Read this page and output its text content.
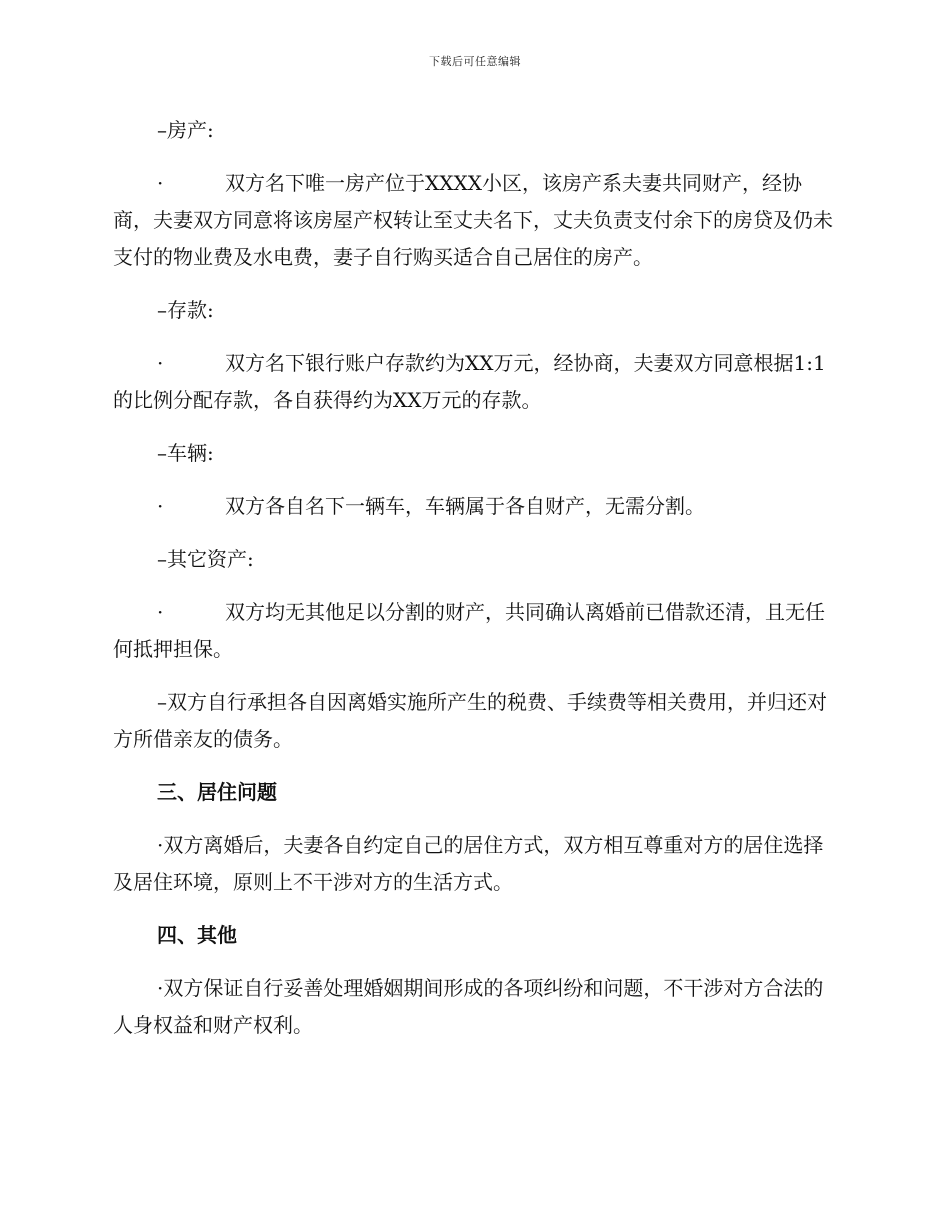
下载后可任意编辑

–房产:

·	双方名下唯一房产位于XXXX小区，该房产系夫妻共同财产，经协商，夫妻双方同意将该房屋产权转让至丈夫名下，丈夫负责支付余下的房贷及仍未支付的物业费及水电费，妻子自行购买适合自己居住的房产。

–存款:

·	双方名下银行账户存款约为XX万元，经协商，夫妻双方同意根据1:1的比例分配存款，各自获得约为XX万元的存款。

–车辆:

·	双方各自名下一辆车，车辆属于各自财产，无需分割。

–其它资产:

·	双方均无其他足以分割的财产，共同确认离婚前已借款还清，且无任何抵押担保。

–双方自行承担各自因离婚实施所产生的税费、手续费等相关费用，并归还对方所借亲友的债务。

三、居住问题

·双方离婚后，夫妻各自约定自己的居住方式，双方相互尊重对方的居住选择及居住环境，原则上不干涉对方的生活方式。

四、其他

·双方保证自行妥善处理婚姻期间形成的各项纠纷和问题，不干涉对方合法的人身权益和财产权利。
